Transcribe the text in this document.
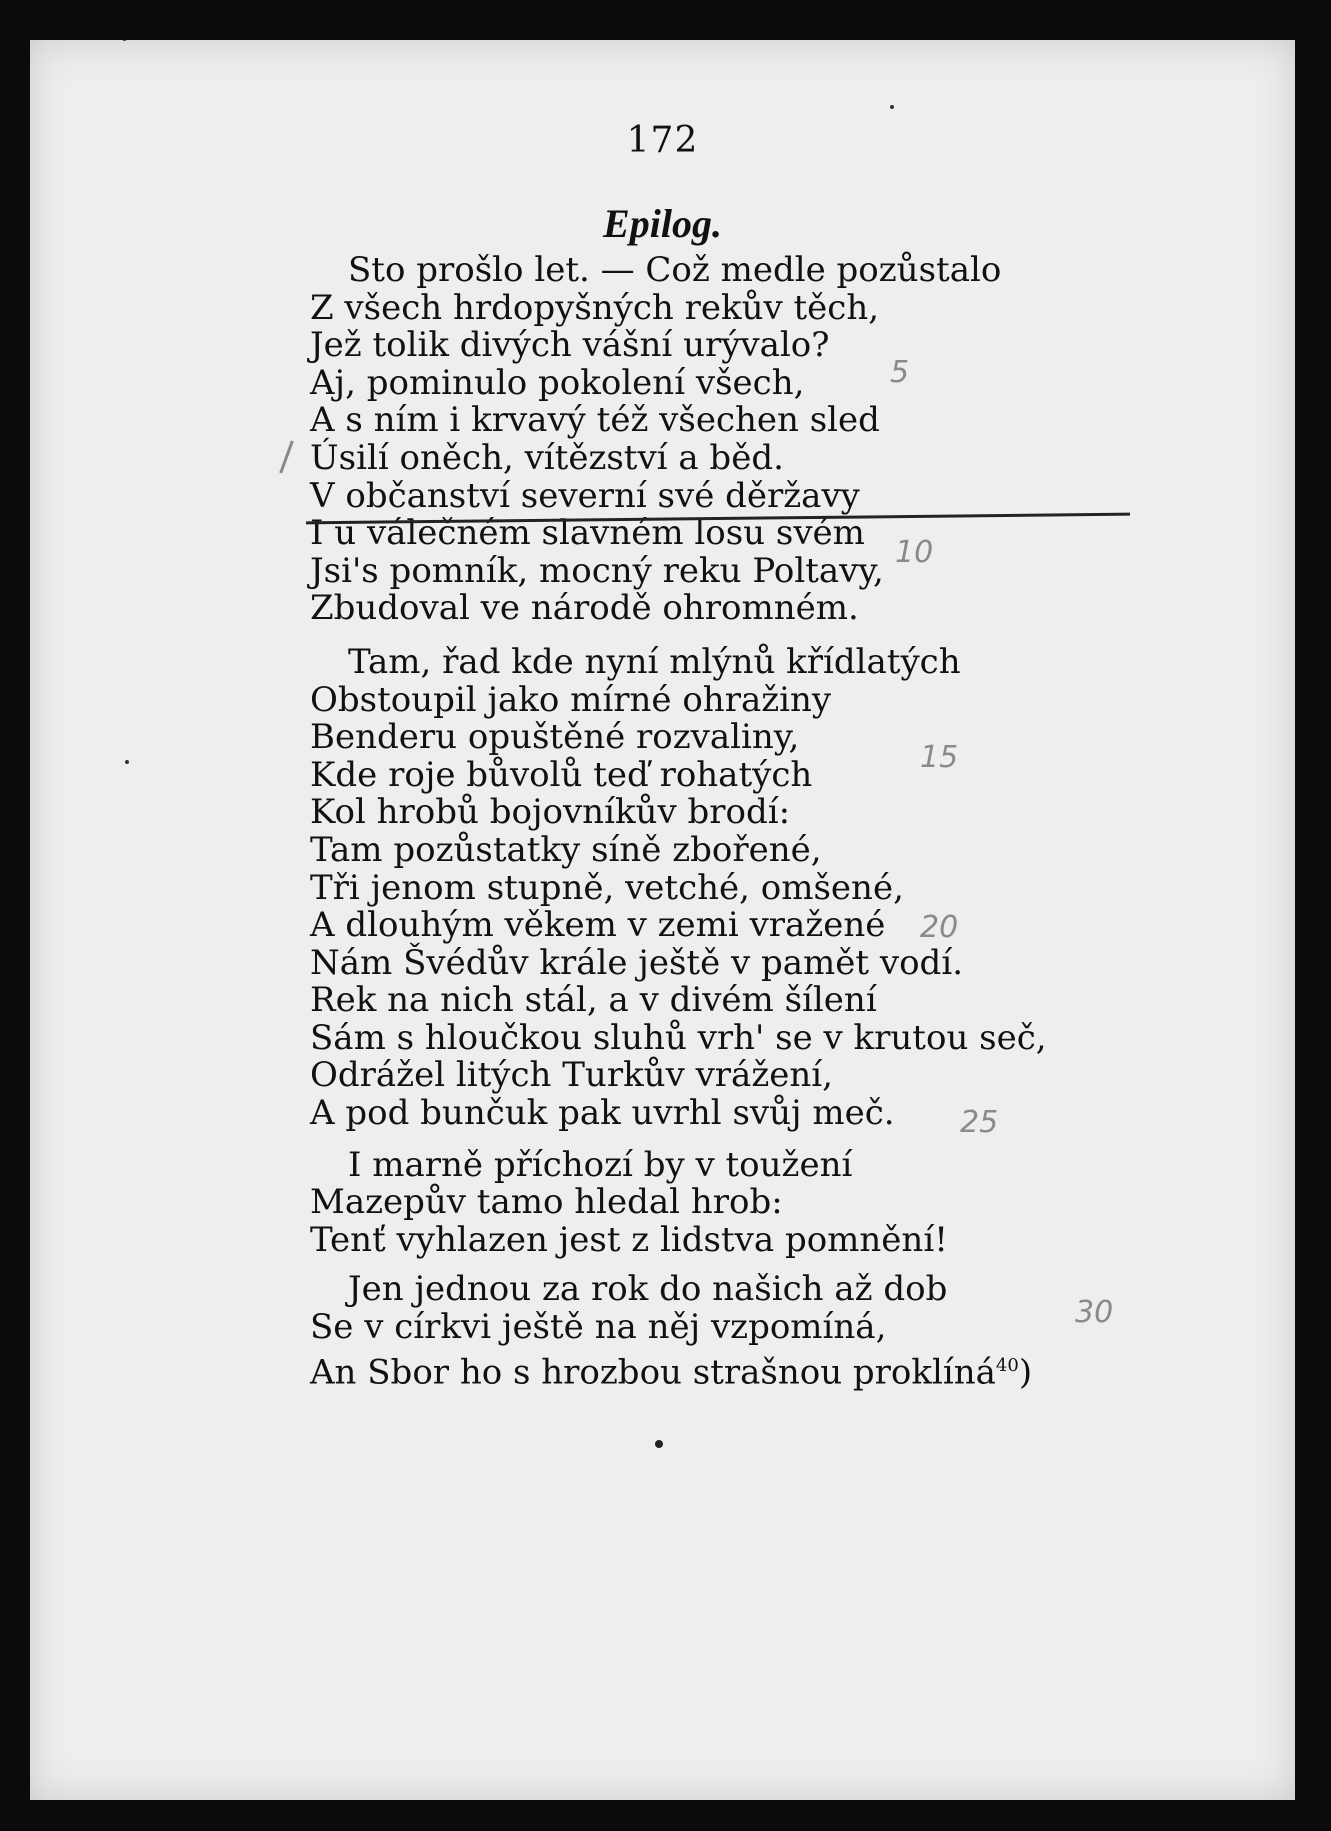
172
Epilog.
Sto prošlo let. — Což medle pozůstalo
Z všech hrdopyšných rekův těch,
Jež tolik divých vášní urývalo?
Aj, pominulo pokolení všech,
A s ním i krvavý též všechen sled
Úsilí oněch, vítězství a běd.
V občanství severní své děržavy
I u válečném slavném losu svém
Jsi's pomník, mocný reku Poltavy,
Zbudoval ve národě ohromném.
Tam, řad kde nyní mlýnů křídlatých
Obstoupil jako mírné ohražiny
Benderu opuštěné rozvaliny,
Kde roje bůvolů teď rohatých
Kol hrobů bojovníkův brodí:
Tam pozůstatky síně zbořené,
Tři jenom stupně, vetché, omšené,
A dlouhým věkem v zemi vražené
Nám Švédův krále ještě v pamět vodí.
Rek na nich stál, a v divém šílení
Sám s hloučkou sluhů vrh' se v krutou seč,
Odrážel litých Turkův vrážení,
A pod bunčuk pak uvrhl svůj meč.
I marně příchozí by v toužení
Mazepův tamo hledal hrob:
Tenť vyhlazen jest z lidstva pomnění!
Jen jednou za rok do našich až dob
Se v církvi ještě na něj vzpomíná,
An Sbor ho s hrozbou strašnou proklíná$^{40}$)
5
10
15
20
25
30
